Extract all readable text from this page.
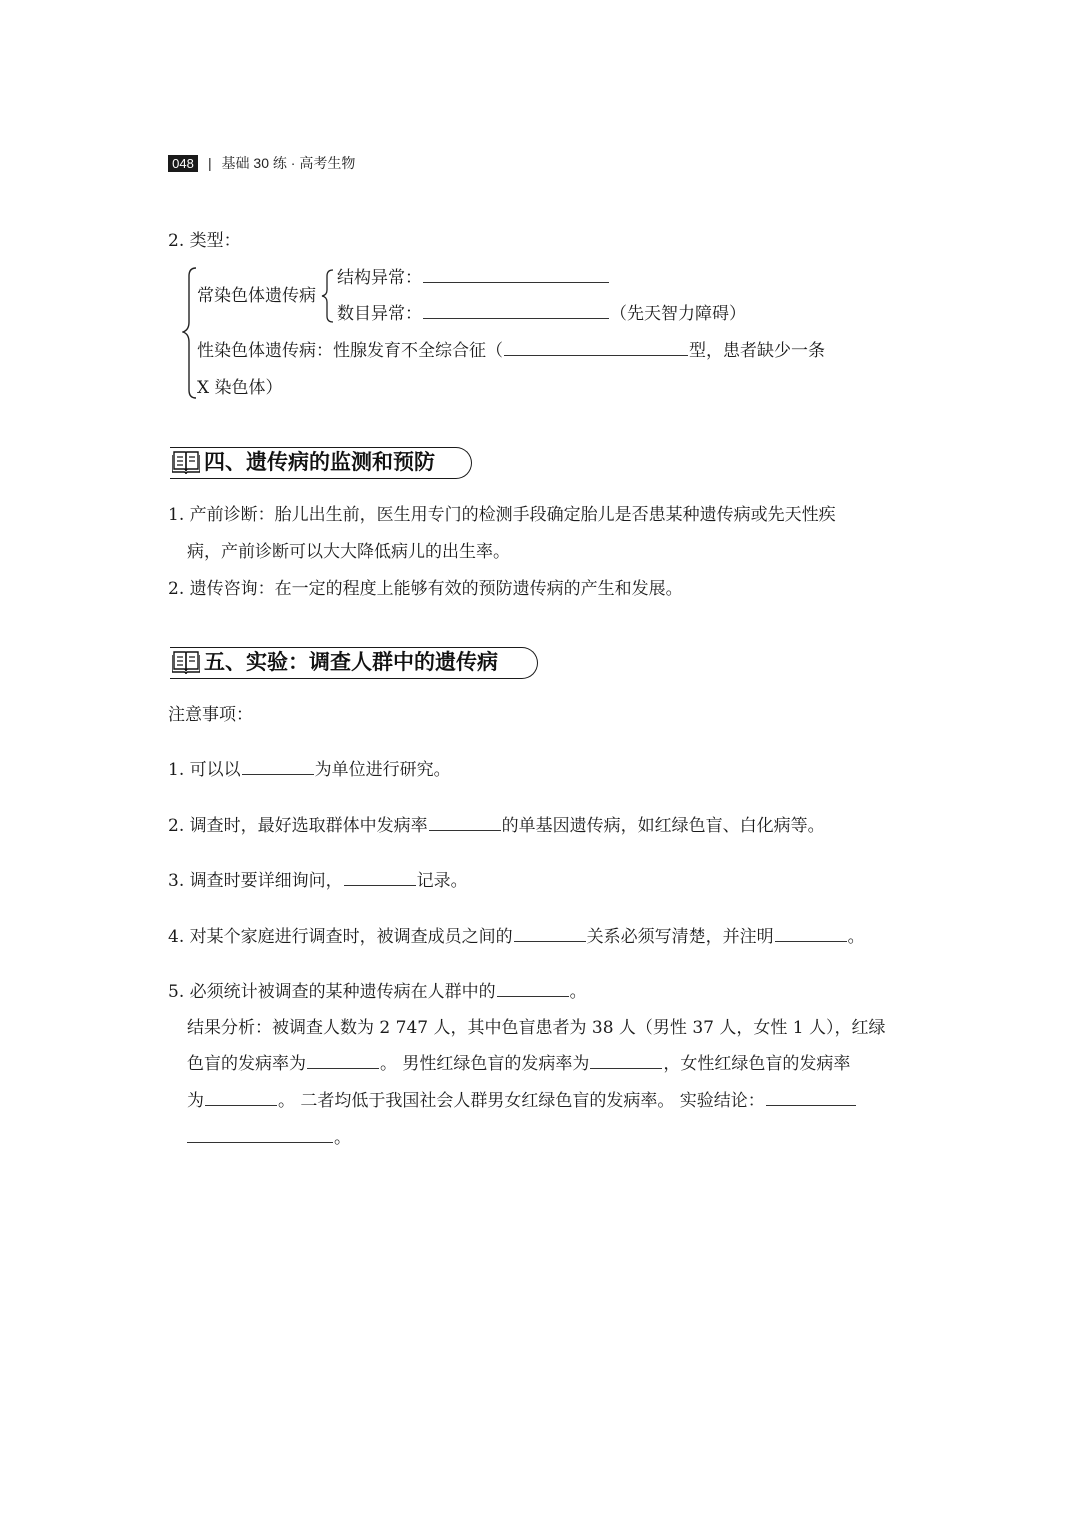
048 | 基础 30 练 · 高考生物
2. 类型：
常染色体遗传病
结构异常：
数目异常：	（先天智力障碍）
性染色体遗传病：性腺发育不全综合征（	型，患者缺少一条
X 染色体）
四、遗传病的监测和预防
1. 产前诊断：胎儿出生前，医生用专门的检测手段确定胎儿是否患某种遗传病或先天性疾
病，产前诊断可以大大降低病儿的出生率。
2. 遗传咨询：在一定的程度上能够有效的预防遗传病的产生和发展。
五、实验：调查人群中的遗传病
注意事项：
1. 可以以	为单位进行研究。
2. 调查时，最好选取群体中发病率	的单基因遗传病，如红绿色盲、白化病等。
3. 调查时要详细询问，	记录。
4. 对某个家庭进行调查时，被调查成员之间的	关系必须写清楚，并注明	。
5. 必须统计被调查的某种遗传病在人群中的	。
结果分析：被调查人数为 2 747 人，其中色盲患者为 38 人（男性 37 人，女性 1 人），红绿
色盲的发病率为	。 男性红绿色盲的发病率为	，女性红绿色盲的发病率
为	。 二者均低于我国社会人群男女红绿色盲的发病率。 实验结论：
。
